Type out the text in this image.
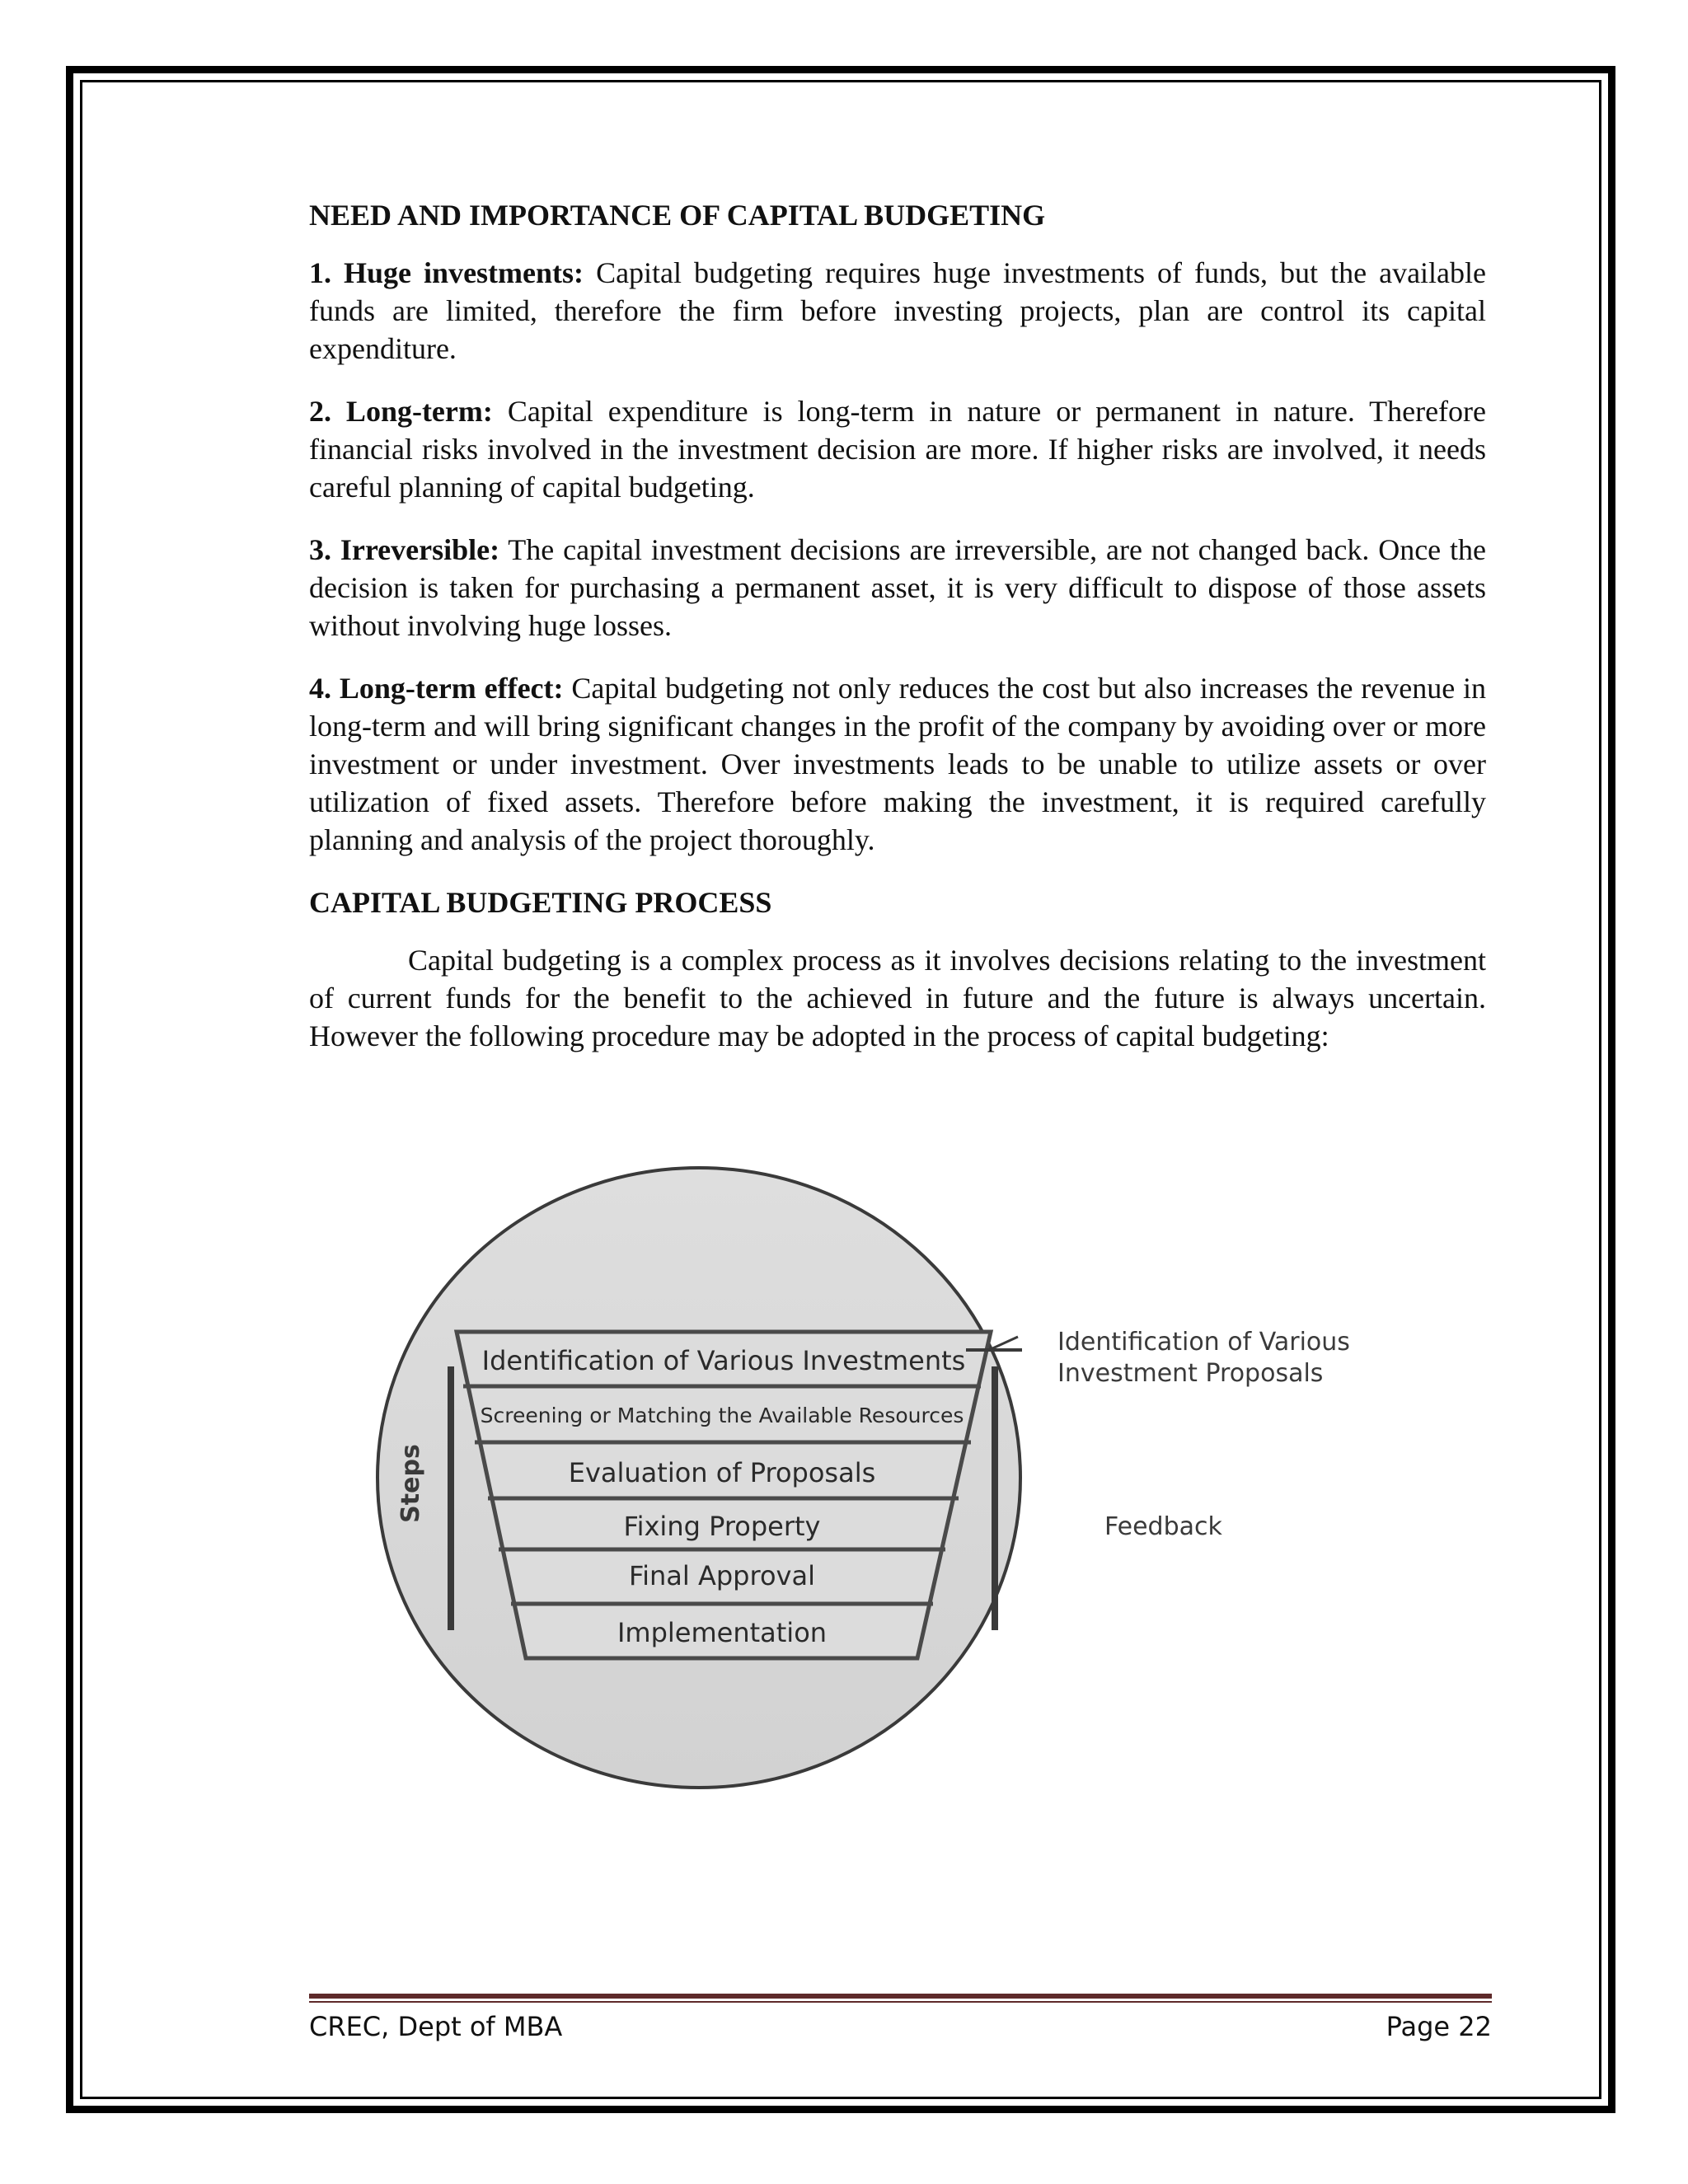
NEED AND IMPORTANCE OF CAPITAL BUDGETING

1. Huge investments: Capital budgeting requires huge investments of funds, but the available funds are limited, therefore the firm before investing projects, plan are control its capital expenditure.

2. Long-term: Capital expenditure is long-term in nature or permanent in nature. Therefore financial risks involved in the investment decision are more. If higher risks are involved, it needs careful planning of capital budgeting.

3. Irreversible: The capital investment decisions are irreversible, are not changed back. Once the decision is taken for purchasing a permanent asset, it is very difficult to dispose of those assets without involving huge losses.

4. Long-term effect: Capital budgeting not only reduces the cost but also increases the revenue in long-term and will bring significant changes in the profit of the company by avoiding over or more investment or under investment. Over investments leads to be unable to utilize assets or over utilization of fixed assets. Therefore before making the investment, it is required carefully planning and analysis of the project thoroughly.

CAPITAL BUDGETING PROCESS

Capital budgeting is a complex process as it involves decisions relating to the investment of current funds for the benefit to the achieved in future and the future is always uncertain. However the following procedure may be adopted in the process of capital budgeting:

Identification of Various Investments
Screening or Matching the Available Resources
Evaluation of Proposals
Fixing Property
Final Approval
Implementation
Steps
Identification of Various
Investment Proposals
Feedback
CREC, Dept of MBA	Page 22
